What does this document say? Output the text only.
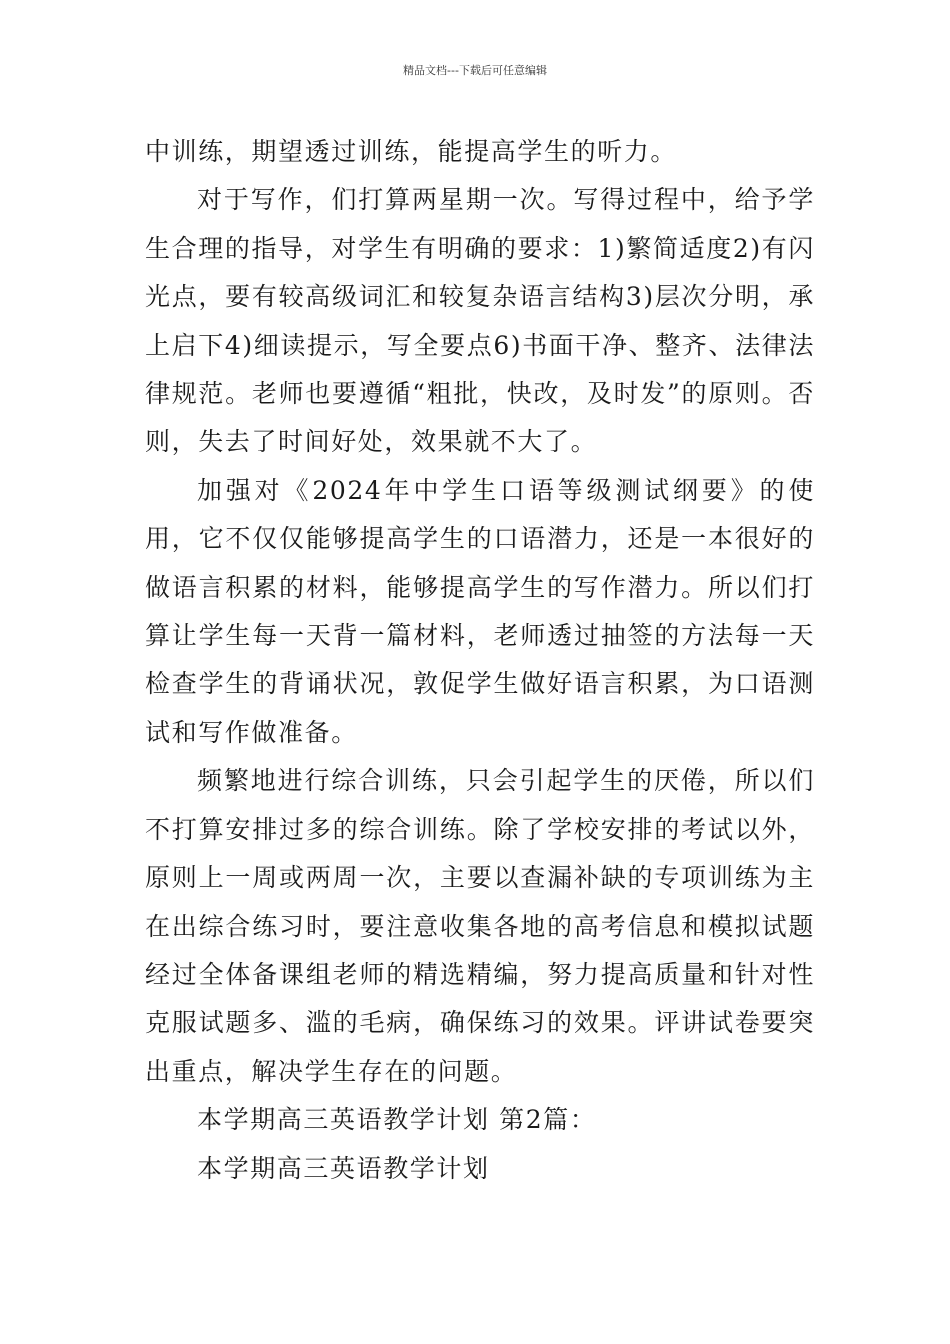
精品文档---下载后可任意编辑

中训练，期望透过训练，能提高学生的听力。

对于写作，们打算两星期一次。写得过程中，给予学生合理的指导，对学生有明确的要求：1)繁简适度2)有闪光点，要有较高级词汇和较复杂语言结构3)层次分明，承上启下4)细读提示，写全要点6)书面干净、整齐、法律法律规范。老师也要遵循“粗批，快改，及时发”的原则。否则，失去了时间好处，效果就不大了。

加强对《2024年中学生口语等级测试纲要》的使用，它不仅仅能够提高学生的口语潜力，还是一本很好的做语言积累的材料，能够提高学生的写作潜力。所以们打算让学生每一天背一篇材料，老师透过抽签的方法每一天检查学生的背诵状况，敦促学生做好语言积累，为口语测试和写作做准备。

频繁地进行综合训练，只会引起学生的厌倦，所以们不打算安排过多的综合训练。除了学校安排的考试以外，原则上一周或两周一次，主要以查漏补缺的专项训练为主在出综合练习时，要注意收集各地的高考信息和模拟试题经过全体备课组老师的精选精编，努力提高质量和针对性克服试题多、滥的毛病，确保练习的效果。评讲试卷要突出重点，解决学生存在的问题。

本学期高三英语教学计划 第2篇：

本学期高三英语教学计划
